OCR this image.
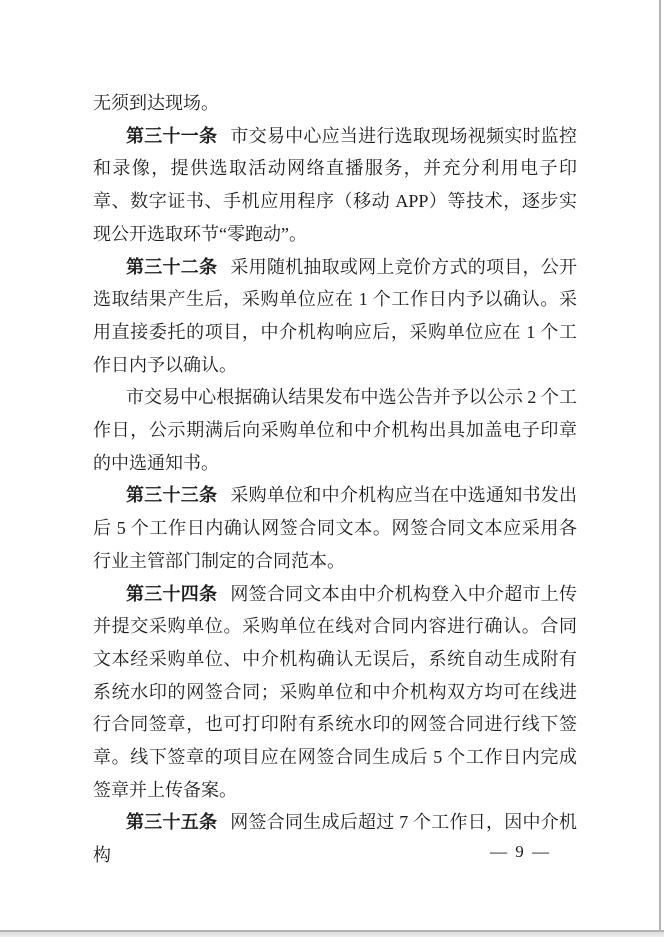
无须到达现场。

第三十一条 市交易中心应当进行选取现场视频实时监控和录像，提供选取活动网络直播服务，并充分利用电子印章、数字证书、手机应用程序（移动 APP）等技术，逐步实现公开选取环节“零跑动”。

第三十二条 采用随机抽取或网上竞价方式的项目，公开选取结果产生后，采购单位应在 1 个工作日内予以确认。采用直接委托的项目，中介机构响应后，采购单位应在 1 个工作日内予以确认。

市交易中心根据确认结果发布中选公告并予以公示 2 个工作日，公示期满后向采购单位和中介机构出具加盖电子印章的中选通知书。

第三十三条 采购单位和中介机构应当在中选通知书发出后 5 个工作日内确认网签合同文本。网签合同文本应采用各行业主管部门制定的合同范本。

第三十四条 网签合同文本由中介机构登入中介超市上传并提交采购单位。采购单位在线对合同内容进行确认。合同文本经采购单位、中介机构确认无误后，系统自动生成附有系统水印的网签合同；采购单位和中介机构双方均可在线进行合同签章，也可打印附有系统水印的网签合同进行线下签章。线下签章的项目应在网签合同生成后 5 个工作日内完成签章并上传备案。

第三十五条 网签合同生成后超过 7 个工作日，因中介机构	— 9 —
